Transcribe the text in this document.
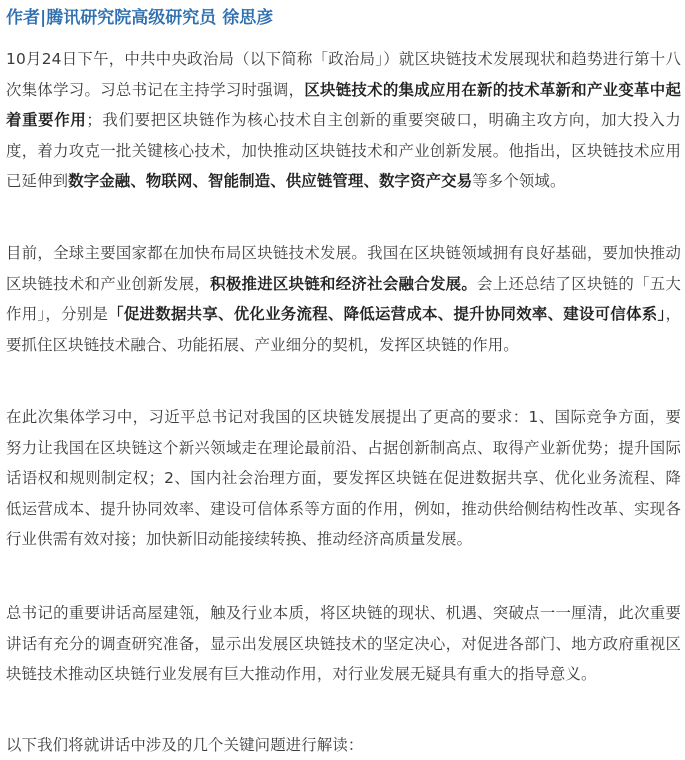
作者|腾讯研究院高级研究员 徐思彦

10月24日下午，中共中央政治局（以下简称「政治局」）就区块链技术发展现状和趋势进行第十八次集体学习。习总书记在主持学习时强调，区块链技术的集成应用在新的技术革新和产业变革中起着重要作用；我们要把区块链作为核心技术自主创新的重要突破口，明确主攻方向，加大投入力度，着力攻克一批关键核心技术，加快推动区块链技术和产业创新发展。他指出，区块链技术应用已延伸到数字金融、物联网、智能制造、供应链管理、数字资产交易等多个领域。

目前，全球主要国家都在加快布局区块链技术发展。我国在区块链领域拥有良好基础，要加快推动区块链技术和产业创新发展，积极推进区块链和经济社会融合发展。会上还总结了区块链的「五大作用」，分别是「促进数据共享、优化业务流程、降低运营成本、提升协同效率、建设可信体系」，要抓住区块链技术融合、功能拓展、产业细分的契机，发挥区块链的作用。

在此次集体学习中，习近平总书记对我国的区块链发展提出了更高的要求：1、国际竞争方面，要努力让我国在区块链这个新兴领域走在理论最前沿、占据创新制高点、取得产业新优势；提升国际话语权和规则制定权；2、国内社会治理方面，要发挥区块链在促进数据共享、优化业务流程、降低运营成本、提升协同效率、建设可信体系等方面的作用，例如，推动供给侧结构性改革、实现各行业供需有效对接；加快新旧动能接续转换、推动经济高质量发展。

总书记的重要讲话高屋建瓴，触及行业本质，将区块链的现状、机遇、突破点一一厘清，此次重要讲话有充分的调查研究准备，显示出发展区块链技术的坚定决心，对促进各部门、地方政府重视区块链技术推动区块链行业发展有巨大推动作用，对行业发展无疑具有重大的指导意义。

以下我们将就讲话中涉及的几个关键问题进行解读：
